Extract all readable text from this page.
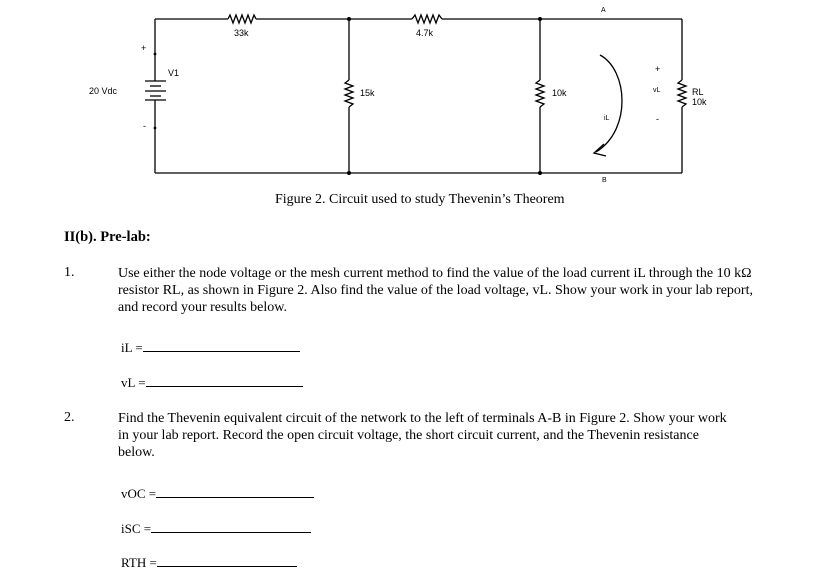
V1
20 Vdc
+
-
33k	4.7k
15k	10k
A
B
vL
+
-
iL
RL
10k
Figure 2. Circuit used to study Thevenin’s Theorem
II(b). Pre-lab:
1.	Use either the node voltage or the mesh current method to find the value of the load current iL through the 10 kΩ resistor RL, as shown in Figure 2. Also find the value of the load voltage, vL. Show your work in your lab report, and record your results below.
iL =
vL =
2.	Find the Thevenin equivalent circuit of the network to the left of terminals A-B in Figure 2. Show your work in your lab report. Record the open circuit voltage, the short circuit current, and the Thevenin resistance below.
vOC =
iSC =
RTH =
